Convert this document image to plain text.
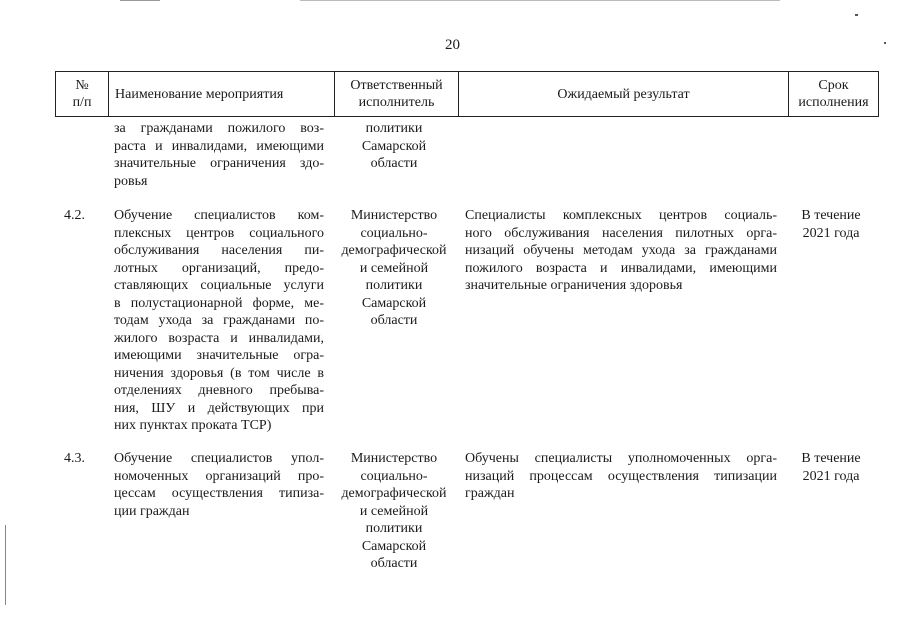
20
№
п/п
Наименование мероприятия
Ответственный
исполнитель
Ожидаемый результат
Срок
исполнения
за гражданами пожилого воз-
раста и инвалидами, имеющими
значительные ограничения здо-
ровья
политики
Самарской
области
4.2.	Обучение специалистов ком-
плексных центров социального
обслуживания населения пи-
лотных организаций, предо-
ставляющих социальные услуги
в полустационарной форме, ме-
тодам ухода за гражданами по-
жилого возраста и инвалидами,
имеющими значительные огра-
ничения здоровья (в том числе в
отделениях дневного пребыва-
ния, ШУ и действующих при
них пунктах проката ТСР)
Министерство
социально-
демографической
и семейной
политики
Самарской
области
Специалисты комплексных центров социаль-
ного обслуживания населения пилотных орга-
низаций обучены методам ухода за гражданами
пожилого возраста и инвалидами, имеющими
значительные ограничения здоровья
В течение
2021 года
4.3.	Обучение специалистов упол-
номоченных организаций про-
цессам осуществления типиза-
ции граждан
Министерство
социально-
демографической
и семейной
политики
Самарской
области
Обучены специалисты уполномоченных орга-
низаций процессам осуществления типизации
граждан
В течение
2021 года
